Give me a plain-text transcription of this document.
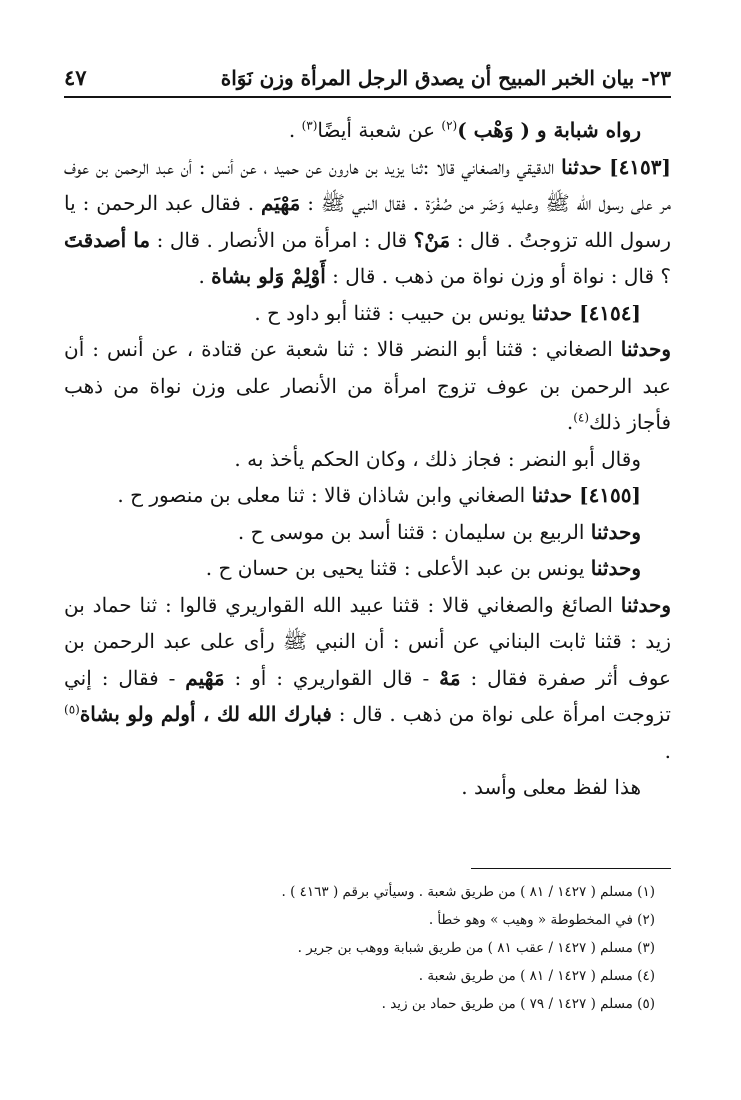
٢٣- بيان الخبر المبيح أن يصدق الرجل المرأة وزن نَوَاة
٤٧

رواه شبابة و ( وَهْب )$^{(٢)}$ عن شعبة أيضًا$^{(٣)}$ .

[٤١٥٣] حدثنا الدقيقي والصغاني قالا :ثنا يزيد بن هارون عن حميد ، عن أنس : أن عبد الرحمن بن عوف مر على رسول الله ﷺ وعليه وَضَر من صُفْرَة . فقال النبي ﷺ : مَهْيَم . فقال عبد الرحمن : يا رسول الله تزوجتُ . قال : مَنْ؟ قال : امرأة من الأنصار . قال : ما أصدقتَ ؟ قال : نواة أو وزن نواة من ذهب . قال : أَوْلِمْ وَلو بشاة .

[٤١٥٤] حدثنا يونس بن حبيب : قثنا أبو داود ح .

وحدثنا الصغاني : قثنا أبو النضر قالا : ثنا شعبة عن قتادة ، عن أنس : أن عبد الرحمن بن عوف تزوج امرأة من الأنصار على وزن نواة من ذهب فأجاز ذلك$^{(٤)}$.

وقال أبو النضر : فجاز ذلك ، وكان الحكم يأخذ به .

[٤١٥٥] حدثنا الصغاني وابن شاذان قالا : ثنا معلى بن منصور ح .

وحدثنا الربيع بن سليمان : قثنا أسد بن موسى ح .

وحدثنا يونس بن عبد الأعلى : قثنا يحيى بن حسان ح .

وحدثنا الصائغ والصغاني قالا : قثنا عبيد الله القواريري قالوا : ثنا حماد بن زيد : قثنا ثابت البناني عن أنس : أن النبي ﷺ رأى على عبد الرحمن بن عوف أثر صفرة فقال : مَهْ - قال القواريري : أو : مَهْيم - فقال : إني تزوجت امرأة على نواة من ذهب . قال : فبارك الله لك ، أولم ولو بشاة$^{(٥)}$ .

هذا لفظ معلى وأسد .

(١) مسلم ( ١٤٢٧ / ٨١ ) من طريق شعبة . وسيأتي برقم ( ٤١٦٣ ) .
(٢) في المخطوطة « وهيب » وهو خطأ .
(٣) مسلم ( ١٤٢٧ / عقب ٨١ ) من طريق شبابة ووهب بن جرير .
(٤) مسلم ( ١٤٢٧ / ٨١ ) من طريق شعبة .
(٥) مسلم ( ١٤٢٧ / ٧٩ ) من طريق حماد بن زيد .
